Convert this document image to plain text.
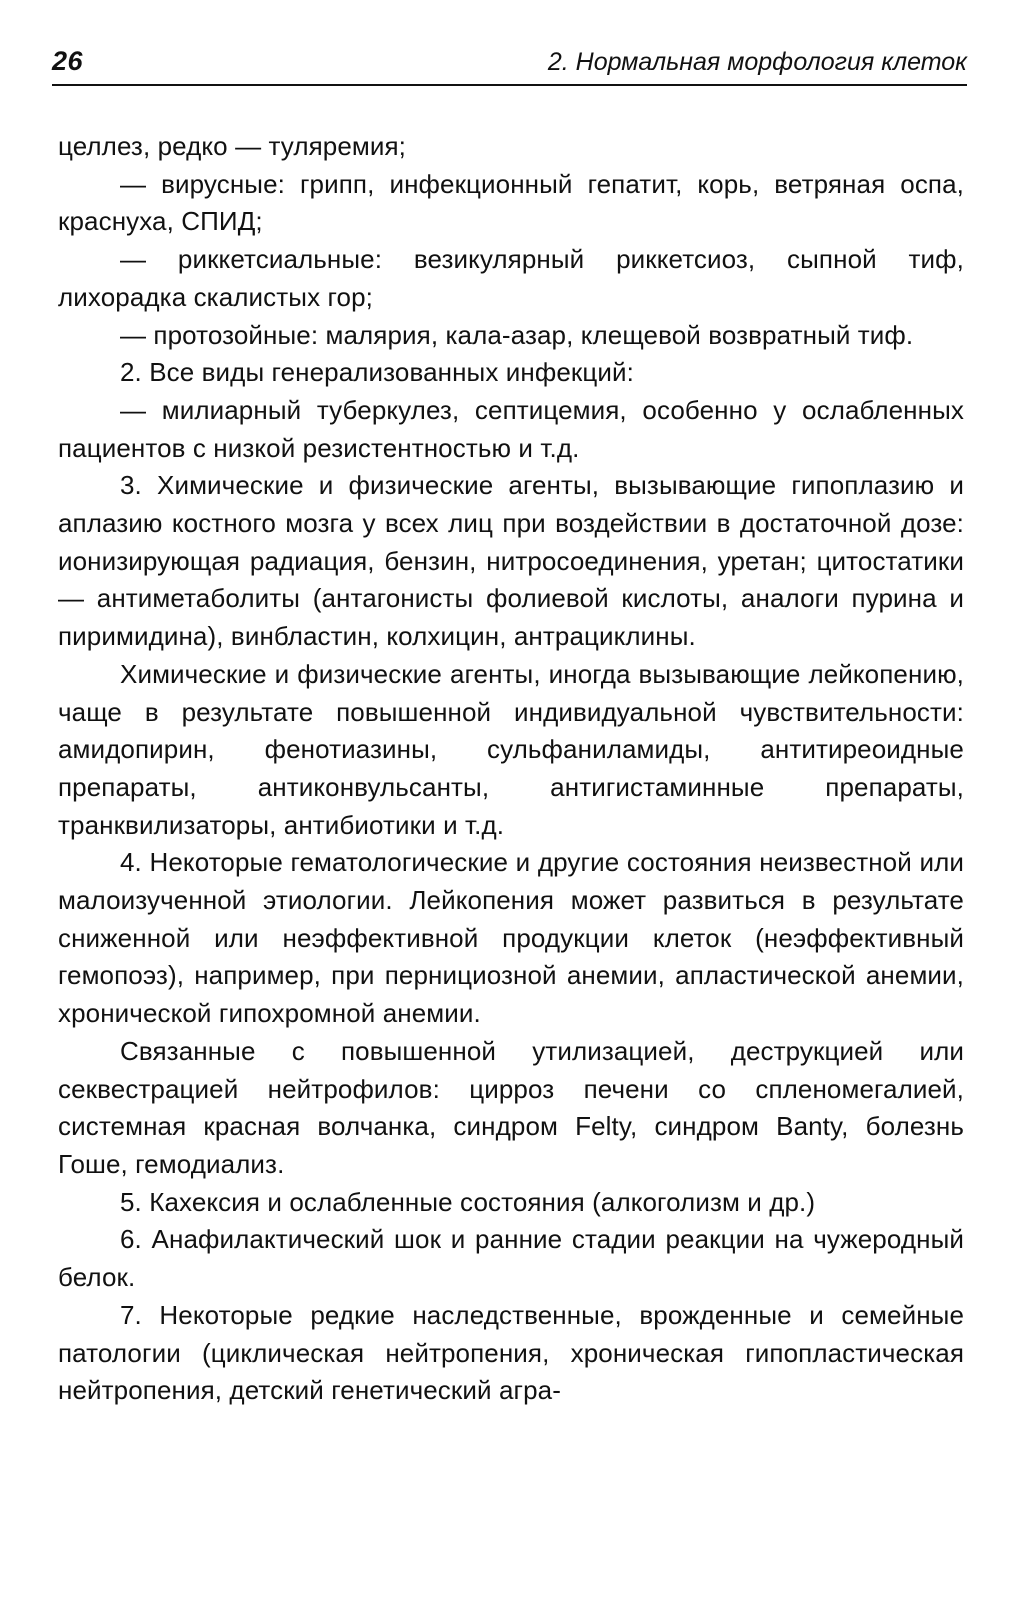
26	2. Нормальная морфология клеток

целлез, редко — туляремия;

— вирусные: грипп, инфекционный гепатит, корь, ветряная оспа, краснуха, СПИД;

— риккетсиальные: везикулярный риккетсиоз, сыпной тиф, лихорадка скалистых гор;

— протозойные: малярия, кала-азар, клещевой возвратный тиф.

2. Все виды генерализованных инфекций:

— милиарный туберкулез, септицемия, особенно у ослабленных пациентов с низкой резистентностью и т.д.

3. Химические и физические агенты, вызывающие гипоплазию и аплазию костного мозга у всех лиц при воздействии в достаточной дозе: ионизирующая радиация, бензин, нитросоединения, уретан; цитостатики — антиметаболиты (антагонисты фолиевой кислоты, аналоги пурина и пиримидина), винбластин, колхицин, антрациклины.

Химические и физические агенты, иногда вызывающие лейкопению, чаще в результате повышенной индивидуальной чувствительности: амидопирин, фенотиазины, сульфаниламиды, антитиреоидные препараты, антиконвульсанты, антигистаминные препараты, транквилизаторы, антибиотики и т.д.

4. Некоторые гематологические и другие состояния неизвестной или малоизученной этиологии. Лейкопения может развиться в результате сниженной или неэффективной продукции клеток (неэффективный гемопоэз), например, при пернициозной анемии, апластической анемии, хронической гипохромной анемии.

Связанные с повышенной утилизацией, деструкцией или секвестрацией нейтрофилов: цирроз печени со спленомегалией, системная красная волчанка, синдром Felty, синдром Banty, болезнь Гоше, гемодиализ.

5. Кахексия и ослабленные состояния (алкоголизм и др.)

6. Анафилактический шок и ранние стадии реакции на чужеродный белок.

7. Некоторые редкие наследственные, врожденные и семейные патологии (циклическая нейтропения, хроническая гипопластическая нейтропения, детский генетический агра-
